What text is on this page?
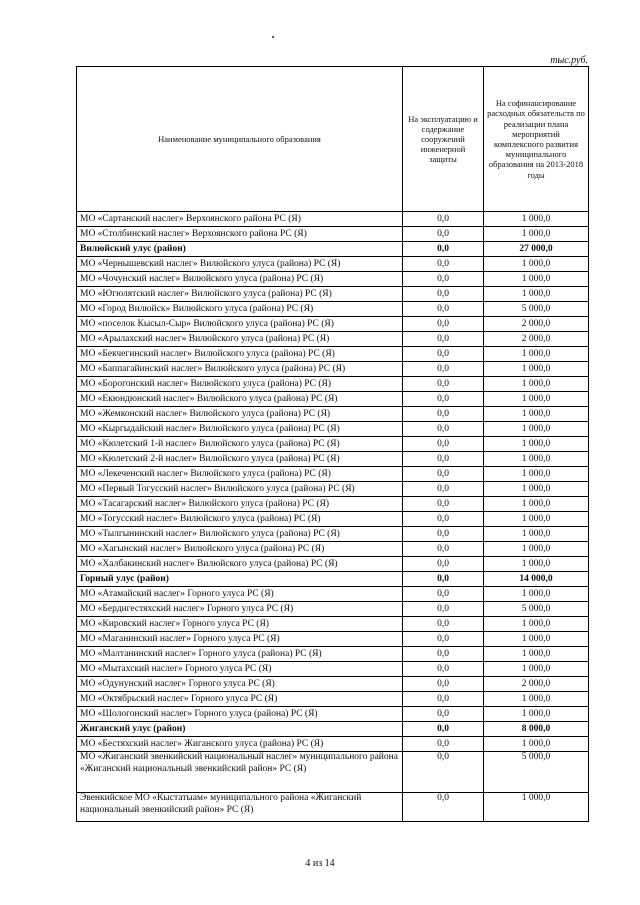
тыс.руб.
Наименование муниципального образования	На эксплуатацию и содержание сооружений инженерной защиты	На софинансирование расходных обязательств по реализации плана мероприятий комплексного развития муниципального образования на 2013-2018 годы
МО «Сартанский наслег» Верхоянского района РС (Я)	0,0	1 000,0
МО «Столбинский наслег» Верхоянского района РС (Я)	0,0	1 000,0
Вилюйский улус (район)	0,0	27 000,0
МО «Чернышевский наслег» Вилюйского улуса (района) РС (Я)	0,0	1 000,0
МО «Чочунский наслег» Вилюйского улуса (района) РС (Я)	0,0	1 000,0
МО «Югюлятский наслег» Вилюйского улуса (района) РС (Я)	0,0	1 000,0
МО «Город Вилюйск» Вилюйского улуса (района) РС (Я)	0,0	5 000,0
МО «поселок Кысыл-Сыр» Вилюйского улуса (района) РС (Я)	0,0	2 000,0
МО «Арылахский наслег» Вилюйского улуса (района) РС (Я)	0,0	2 000,0
МО «Бекчегинский наслег» Вилюйского улуса (района) РС (Я)	0,0	1 000,0
МО «Баппагайинский наслег» Вилюйского улуса (района) РС (Я)	0,0	1 000,0
МО «Борогонский наслег» Вилюйского улуса (района) РС (Я)	0,0	1 000,0
МО «Екюндюнский наслег» Вилюйского улуса (района) РС (Я)	0,0	1 000,0
МО «Жемконский наслег» Вилюйского улуса (района) РС (Я)	0,0	1 000,0
МО «Кыргыдайский наслег» Вилюйского улуса (района) РС (Я)	0,0	1 000,0
МО «Кюлетский 1-й наслег» Вилюйского улуса (района) РС (Я)	0,0	1 000,0
МО «Кюлетский 2-й наслег» Вилюйского улуса (района) РС (Я)	0,0	1 000,0
МО «Лекеченский наслег» Вилюйского улуса (района) РС (Я)	0,0	1 000,0
МО «Первый Тогусский наслег» Вилюйского улуса (района) РС (Я)	0,0	1 000,0
МО «Тасагарский наслег» Вилюйского улуса (района) РС (Я)	0,0	1 000,0
МО «Тогусский наслег» Вилюйского улуса (района) РС (Я)	0,0	1 000,0
МО «Тылгынинский наслег» Вилюйского улуса (района) РС (Я)	0,0	1 000,0
МО «Хагынский наслег» Вилюйского улуса (района) РС (Я)	0,0	1 000,0
МО «Халбакинский наслег» Вилюйского улуса (района) РС (Я)	0,0	1 000,0
Горный улус (район)	0,0	14 000,0
МО «Атамайский наслег» Горного улуса РС (Я)	0,0	1 000,0
МО «Бердигестяхский наслег» Горного улуса РС (Я)	0,0	5 000,0
МО «Кировский наслег» Горного улуса РС (Я)	0,0	1 000,0
МО «Маганинский наслег» Горного улуса РС (Я)	0,0	1 000,0
МО «Малтанинский наслег» Горного улуса (района) РС (Я)	0,0	1 000,0
МО «Мытахский наслег» Горного улуса РС (Я)	0,0	1 000,0
МО «Одунунский наслег» Горного улуса РС (Я)	0,0	2 000,0
МО «Октябрьский наслег» Горного улуса РС (Я)	0,0	1 000,0
МО «Шологонский наслег» Горного улуса (района) РС (Я)	0,0	1 000,0
Жиганский улус (район)	0,0	8 000,0
МО «Бестяхский наслег» Жиганского улуса (района) РС (Я)	0,0	1 000,0
МО «Жиганский эвенкийский национальный наслег» муниципального района «Жиганский национальный эвенкийский район» РС (Я)	0,0	5 000,0
Эвенкийское МО «Кыстатыам» муниципального района «Жиганский национальный эвенкийский район» РС (Я)	0,0	1 000,0
4 из 14
